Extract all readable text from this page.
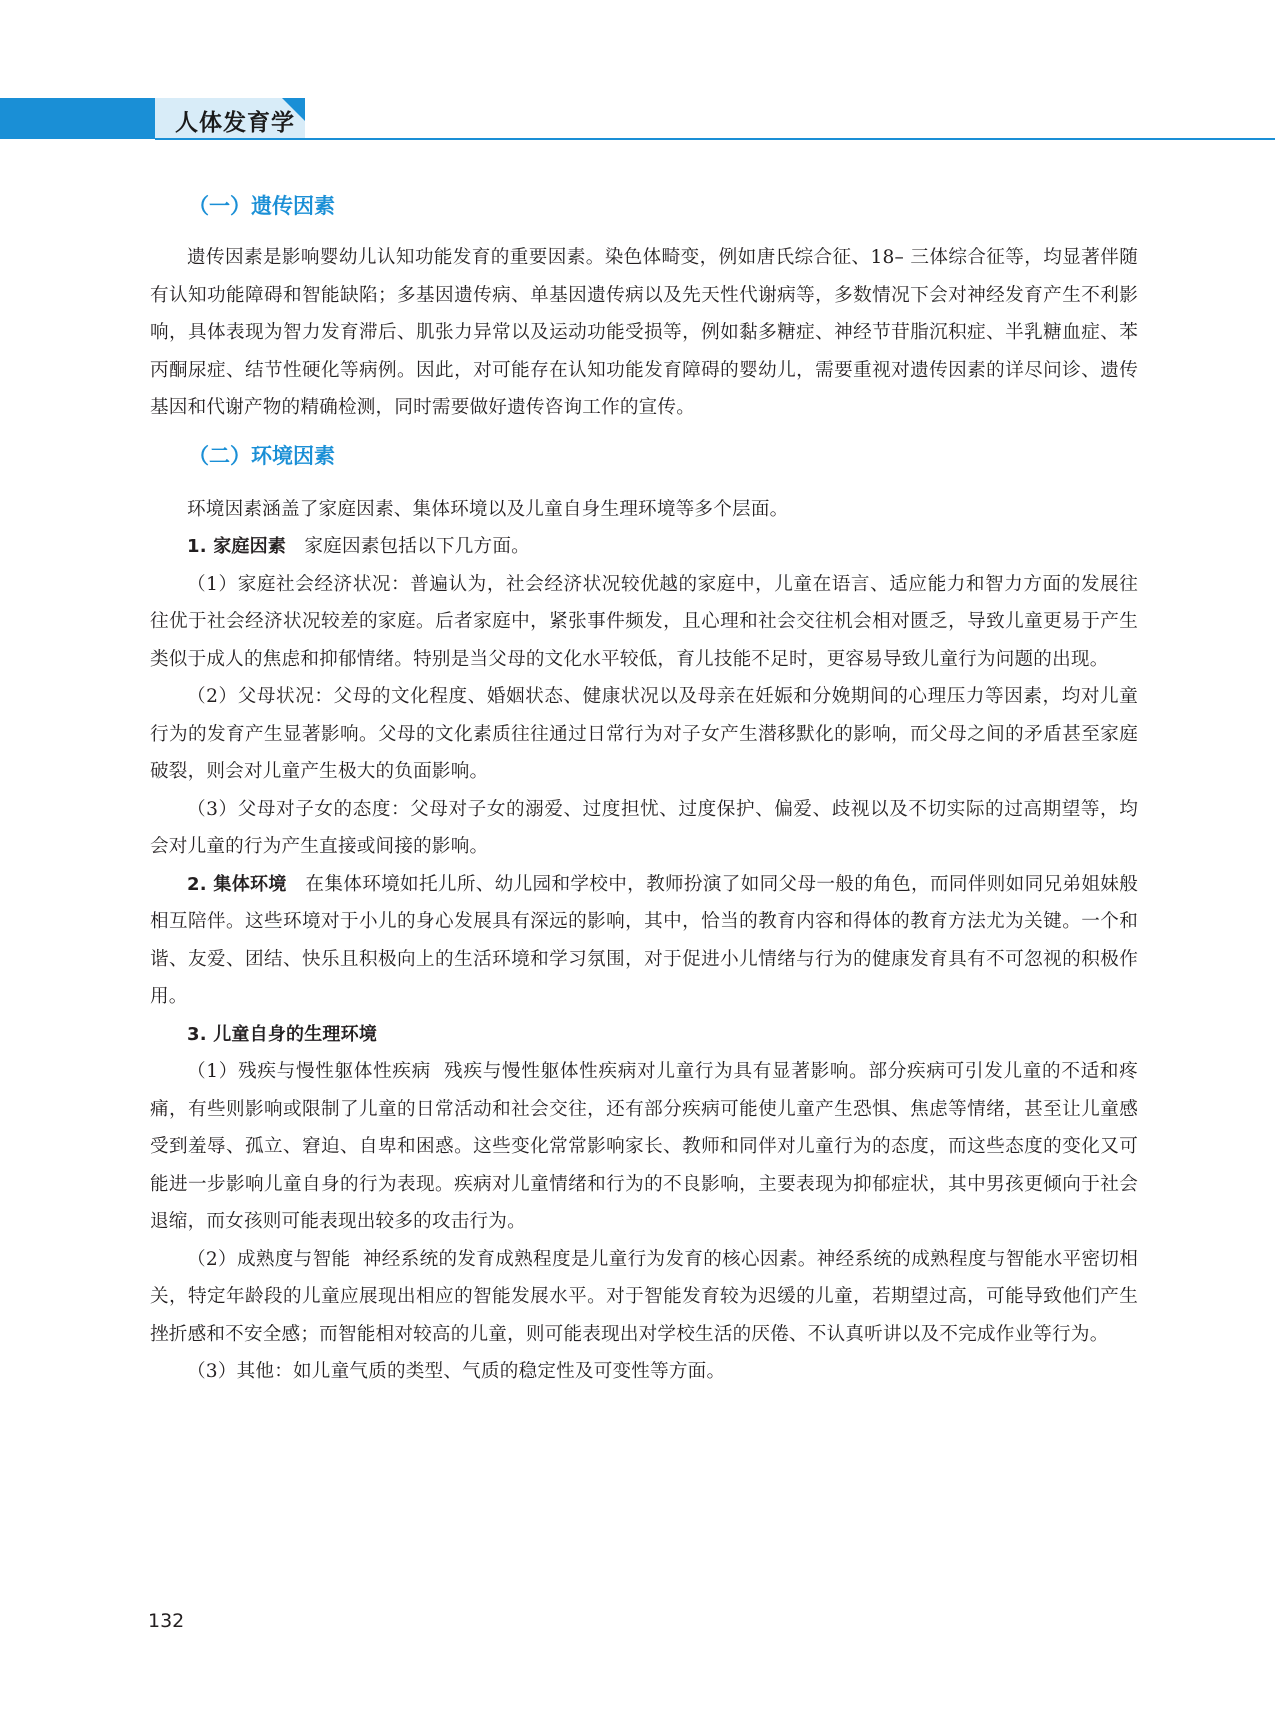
人体发育学
（一）遗传因素

遗传因素是影响婴幼儿认知功能发育的重要因素。染色体畸变，例如唐氏综合征、18– 三体综合征等，均显著伴随有认知功能障碍和智能缺陷；多基因遗传病、单基因遗传病以及先天性代谢病等，多数情况下会对神经发育产生不利影响，具体表现为智力发育滞后、肌张力异常以及运动功能受损等，例如黏多糖症、神经节苷脂沉积症、半乳糖血症、苯丙酮尿症、结节性硬化等病例。因此，对可能存在认知功能发育障碍的婴幼儿，需要重视对遗传因素的详尽问诊、遗传基因和代谢产物的精确检测，同时需要做好遗传咨询工作的宣传。

（二）环境因素

环境因素涵盖了家庭因素、集体环境以及儿童自身生理环境等多个层面。

1. 家庭因素 家庭因素包括以下几方面。

（1）家庭社会经济状况：普遍认为，社会经济状况较优越的家庭中，儿童在语言、适应能力和智力方面的发展往往优于社会经济状况较差的家庭。后者家庭中，紧张事件频发，且心理和社会交往机会相对匮乏，导致儿童更易于产生类似于成人的焦虑和抑郁情绪。特别是当父母的文化水平较低，育儿技能不足时，更容易导致儿童行为问题的出现。

（2）父母状况：父母的文化程度、婚姻状态、健康状况以及母亲在妊娠和分娩期间的心理压力等因素，均对儿童行为的发育产生显著影响。父母的文化素质往往通过日常行为对子女产生潜移默化的影响，而父母之间的矛盾甚至家庭破裂，则会对儿童产生极大的负面影响。

（3）父母对子女的态度：父母对子女的溺爱、过度担忧、过度保护、偏爱、歧视以及不切实际的过高期望等，均会对儿童的行为产生直接或间接的影响。

2. 集体环境 在集体环境如托儿所、幼儿园和学校中，教师扮演了如同父母一般的角色，而同伴则如同兄弟姐妹般相互陪伴。这些环境对于小儿的身心发展具有深远的影响，其中，恰当的教育内容和得体的教育方法尤为关键。一个和谐、友爱、团结、快乐且积极向上的生活环境和学习氛围，对于促进小儿情绪与行为的健康发育具有不可忽视的积极作用。

3. 儿童自身的生理环境

（1）残疾与慢性躯体性疾病  残疾与慢性躯体性疾病对儿童行为具有显著影响。部分疾病可引发儿童的不适和疼痛，有些则影响或限制了儿童的日常活动和社会交往，还有部分疾病可能使儿童产生恐惧、焦虑等情绪，甚至让儿童感受到羞辱、孤立、窘迫、自卑和困惑。这些变化常常影响家长、教师和同伴对儿童行为的态度，而这些态度的变化又可能进一步影响儿童自身的行为表现。疾病对儿童情绪和行为的不良影响，主要表现为抑郁症状，其中男孩更倾向于社会退缩，而女孩则可能表现出较多的攻击行为。

（2）成熟度与智能  神经系统的发育成熟程度是儿童行为发育的核心因素。神经系统的成熟程度与智能水平密切相关，特定年龄段的儿童应展现出相应的智能发展水平。对于智能发育较为迟缓的儿童，若期望过高，可能导致他们产生挫折感和不安全感；而智能相对较高的儿童，则可能表现出对学校生活的厌倦、不认真听讲以及不完成作业等行为。

（3）其他：如儿童气质的类型、气质的稳定性及可变性等方面。

132
